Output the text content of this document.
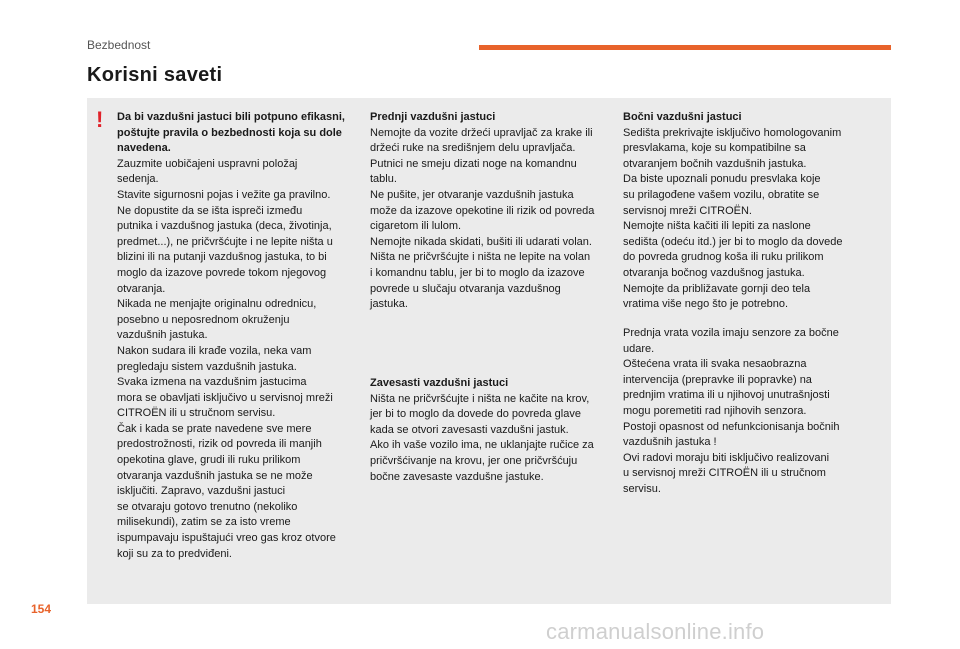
Bezbednost
Korisni saveti
! Da bi vazdušni jastuci bili potpuno efikasni, poštujte pravila o bezbednosti koja su dole navedena.

Zauzmite uobičajeni uspravni položaj

sedenja.

Stavite sigurnosni pojas i vežite ga pravilno.

Ne dopustite da se išta ispreči između

putnika i vazdušnog jastuka (deca, životinja,

predmet...), ne pričvršćujte i ne lepite ništa u

blizini ili na putanji vazdušnog jastuka, to bi

moglo da izazove povrede tokom njegovog

otvaranja.

Nikada ne menjajte originalnu odrednicu,

posebno u neposrednom okruženju

vazdušnih jastuka.

Nakon sudara ili krađe vozila, neka vam

pregledaju sistem vazdušnih jastuka.

Svaka izmena na vazdušnim jastucima

mora se obavljati isključivo u servisnoj mreži

CITROËN ili u stručnom servisu.

Čak i kada se prate navedene sve mere

predostrožnosti, rizik od povreda ili manjih

opekotina glave, grudi ili ruku prilikom

otvaranja vazdušnih jastuka se ne može

isključiti. Zapravo, vazdušni jastuci

se otvaraju gotovo trenutno (nekoliko

milisekundi), zatim se za isto vreme

ispumpavaju ispuštajući vreo gas kroz otvore

koji su za to predviđeni.

Prednji vazdušni jastuci

Nemojte da vozite držeći upravljač za krake ili

držeći ruke na središnjem delu upravljača.

Putnici ne smeju dizati noge na komandnu

tablu.

Ne pušite, jer otvaranje vazdušnih jastuka

može da izazove opekotine ili rizik od povreda

cigaretom ili lulom.

Nemojte nikada skidati, bušiti ili udarati volan.

Ništa ne pričvršćujte i ništa ne lepite na volan

i komandnu tablu, jer bi to moglo da izazove

povrede u slučaju otvaranja vazdušnog

jastuka.

Zavesasti vazdušni jastuci

Ništa ne pričvršćujte i ništa ne kačite na krov,

jer bi to moglo da dovede do povreda glave

kada se otvori zavesasti vazdušni jastuk.

Ako ih vaše vozilo ima, ne uklanjajte ručice za

pričvršćivanje na krovu, jer one pričvršćuju

bočne zavesaste vazdušne jastuke.

Bočni vazdušni jastuci

Sedišta prekrivajte isključivo homologovanim

presvlakama, koje su kompatibilne sa

otvaranjem bočnih vazdušnih jastuka.

Da biste upoznali ponudu presvlaka koje

su prilagođene vašem vozilu, obratite se

servisnoj mreži CITROËN.

Nemojte ništa kačiti ili lepiti za naslone

sedišta (odeću itd.) jer bi to moglo da dovede

do povreda grudnog koša ili ruku prilikom

otvaranja bočnog vazdušnog jastuka.

Nemojte da približavate gornji deo tela

vratima više nego što je potrebno.

Prednja vrata vozila imaju senzore za bočne

udare.

Oštećena vrata ili svaka nesaobrazna

intervencija (prepravke ili popravke) na

prednjim vratima ili u njihovoj unutrašnjosti

mogu poremetiti rad njihovih senzora.

Postoji opasnost od nefunkcionisanja bočnih

vazdušnih jastuka !

Ovi radovi moraju biti isključivo realizovani

u servisnoj mreži CITROËN ili u stručnom

servisu.

154
carmanualsonline.info
